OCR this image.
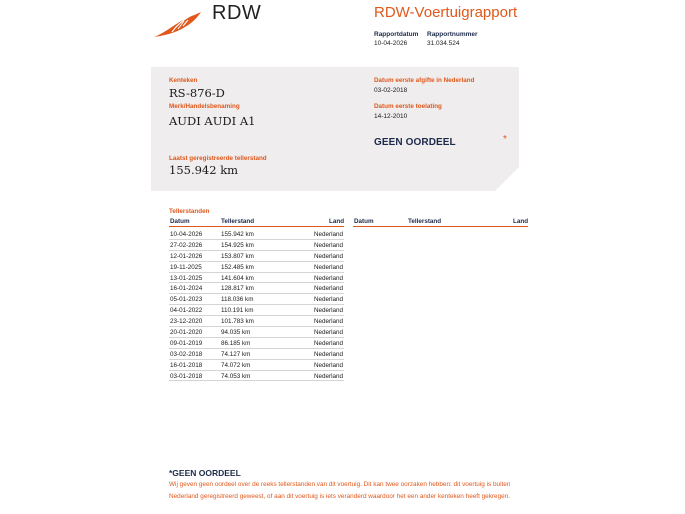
RDW	RDW-Voertuigrapport
Rapportdatum
10-04-2026
Rapportnummer
31.034.524
Kenteken
RS-876-D
Merk/Handelsbenaming
AUDI AUDI A1
Laatst geregistreerde tellerstand
155.942 km
Datum eerste afgifte in Nederland
03-02-2018
Datum eerste toelating
14-12-2010
GEEN OORDEEL	*
Tellerstanden
Datum	Tellerstand	Land Datum	Tellerstand	Land
10-04-2026	155.942 km	Nederland
27-02-2026	154.925 km	Nederland
12-01-2026	153.807 km	Nederland
19-11-2025	152.485 km	Nederland
13-01-2025	141.604 km	Nederland
16-01-2024	128.817 km	Nederland
05-01-2023	118.036 km	Nederland
04-01-2022	110.191 km	Nederland
23-12-2020	101.783 km	Nederland
20-01-2020	94.035 km	Nederland
09-01-2019	86.185 km	Nederland
03-02-2018	74.127 km	Nederland
16-01-2018	74.072 km	Nederland
03-01-2018	74.053 km	Nederland
*GEEN OORDEEL
Wij geven geen oordeel over de reeks tellerstanden van dit voertuig. Dit kan twee oorzaken hebben: dit voertuig is buiten Nederland geregistreerd geweest, of aan dit voertuig is iets veranderd waardoor het een ander kenteken heeft gekregen.
